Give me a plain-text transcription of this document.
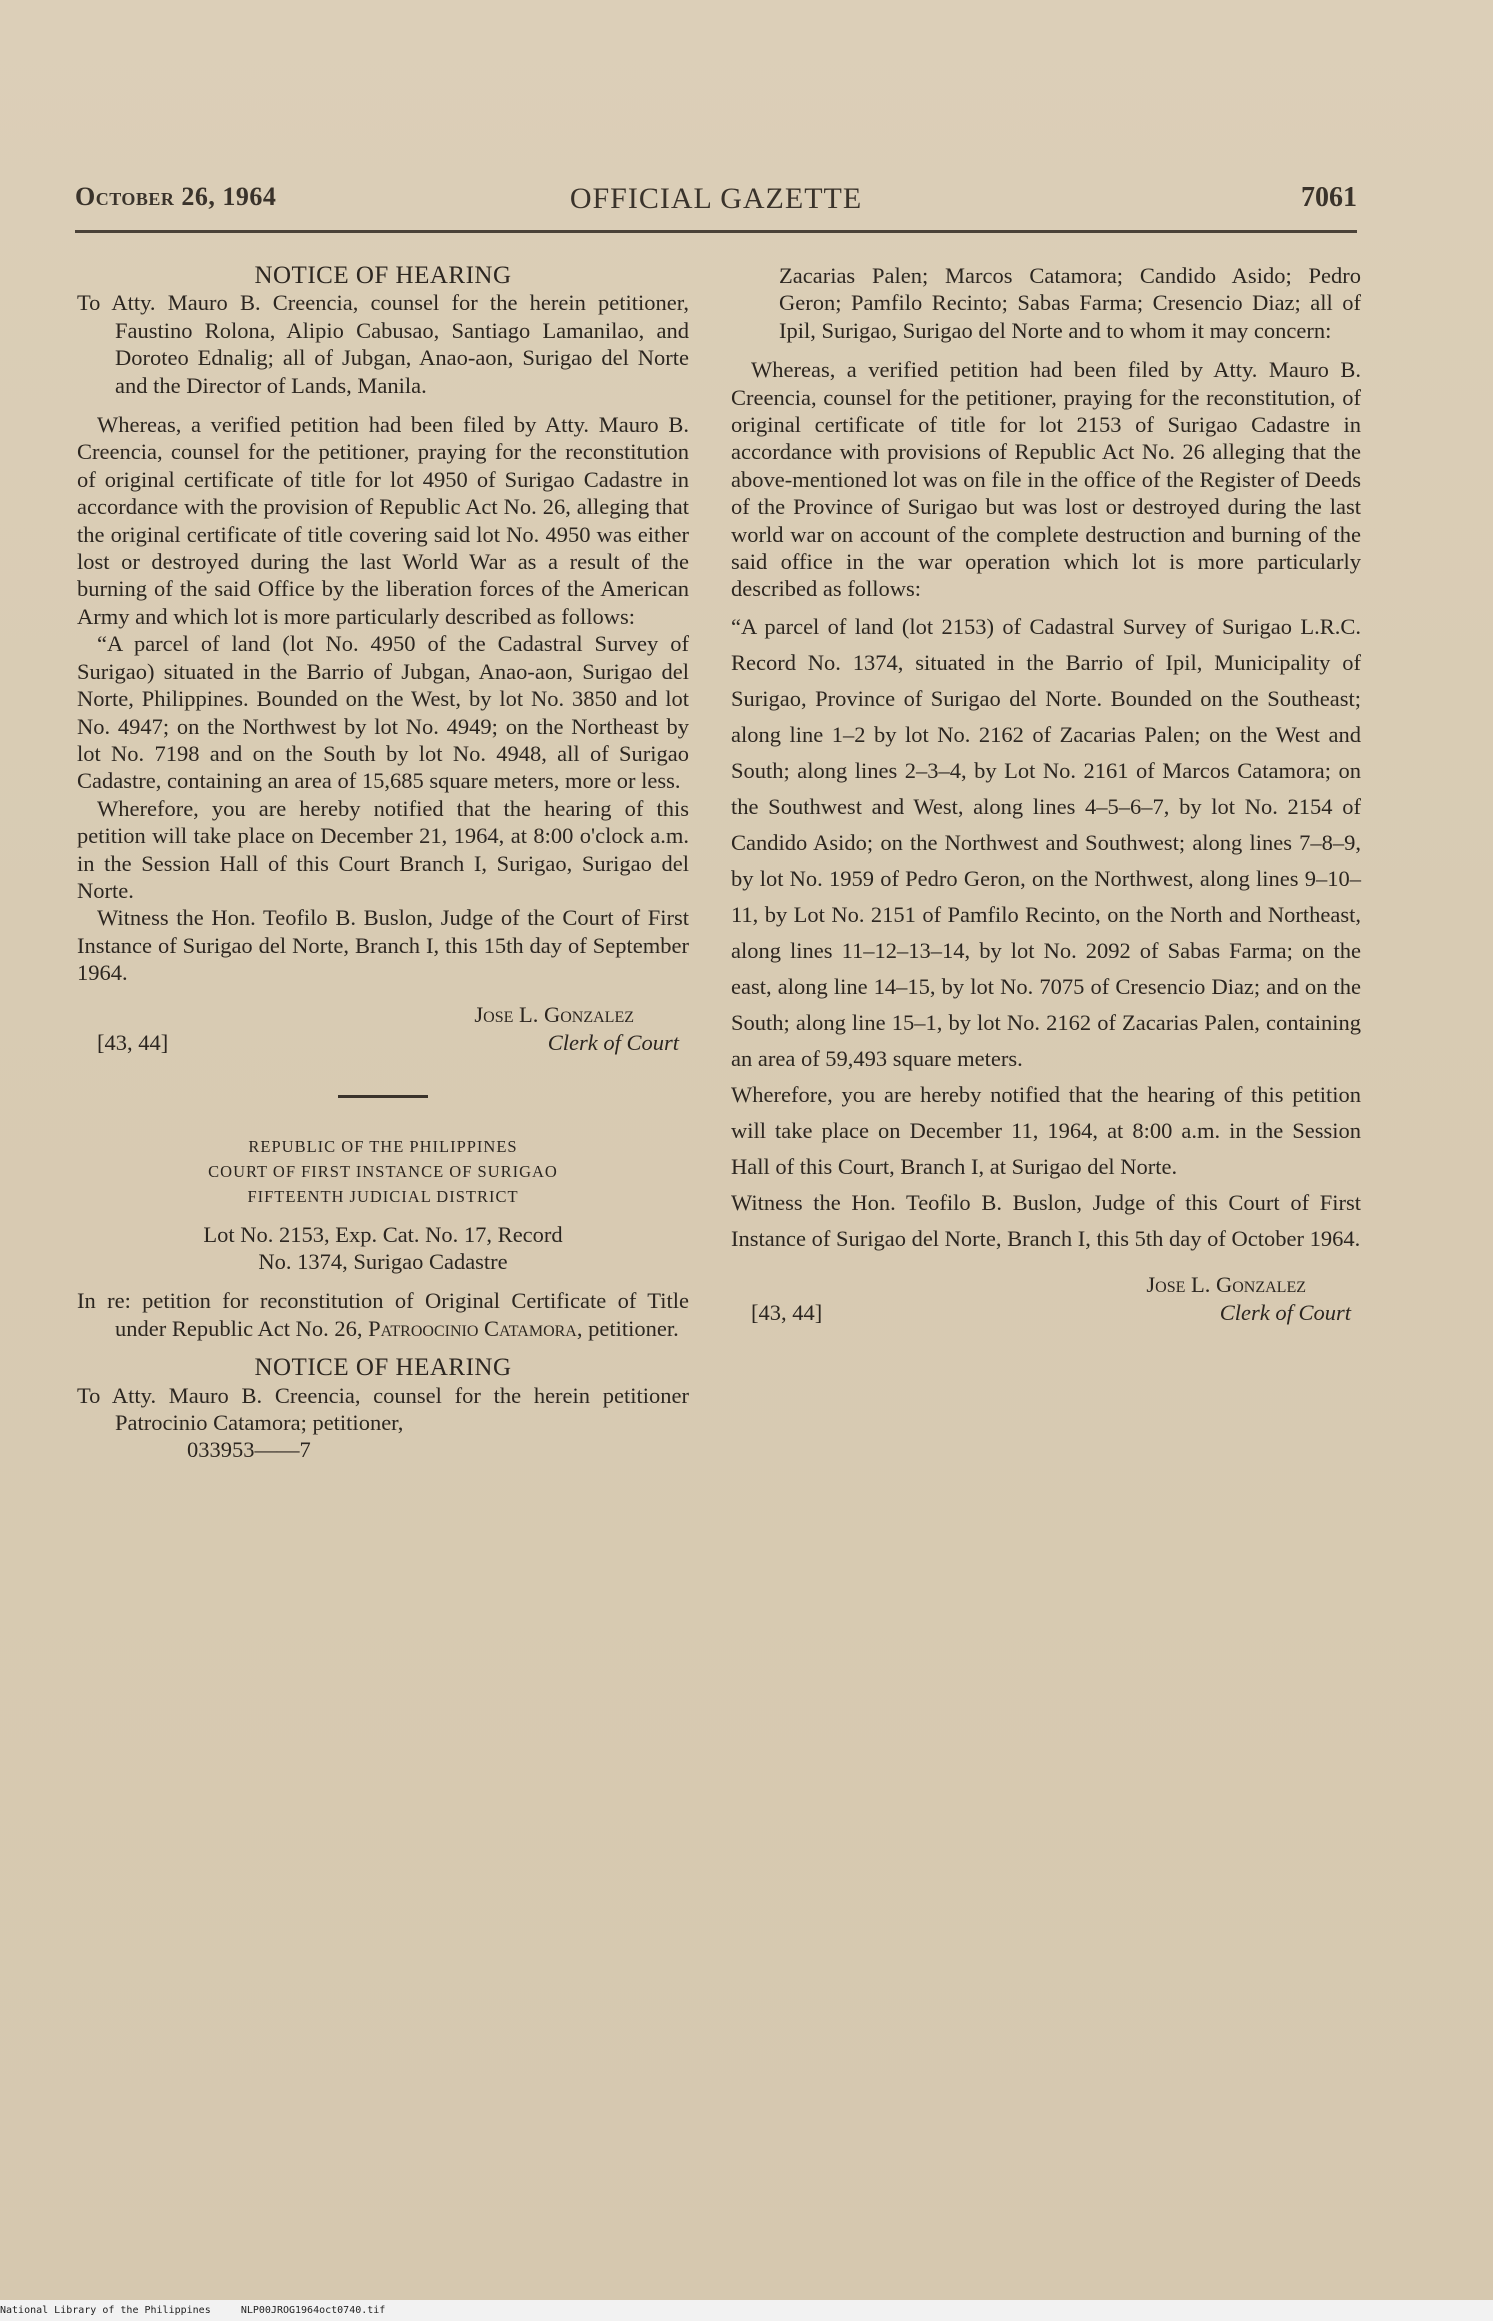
October 26, 1964	OFFICIAL GAZETTE	7061

NOTICE OF HEARING

To Atty. Mauro B. Creencia, counsel for the herein petitioner, Faustino Rolona, Alipio Cabusao, Santiago Lamanilao, and Doroteo Ednalig; all of Jubgan, Anao-aon, Surigao del Norte and the Director of Lands, Manila.

Whereas, a verified petition had been filed by Atty. Mauro B. Creencia, counsel for the petitioner, praying for the reconstitution of original certificate of title for lot 4950 of Surigao Cadastre in accordance with the provision of Republic Act No. 26, alleging that the original certificate of title covering said lot No. 4950 was either lost or destroyed during the last World War as a result of the burning of the said Office by the liberation forces of the American Army and which lot is more particularly described as follows:

“A parcel of land (lot No. 4950 of the Cadastral Survey of Surigao) situated in the Barrio of Jubgan, Anao-aon, Surigao del Norte, Philippines. Bounded on the West, by lot No. 3850 and lot No. 4947; on the Northwest by lot No. 4949; on the Northeast by lot No. 7198 and on the South by lot No. 4948, all of Surigao Cadastre, containing an area of 15,685 square meters, more or less.

Wherefore, you are hereby notified that the hearing of this petition will take place on December 21, 1964, at 8:00 o'clock a.m. in the Session Hall of this Court Branch I, Surigao, Surigao del Norte.

Witness the Hon. Teofilo B. Buslon, Judge of the Court of First Instance of Surigao del Norte, Branch I, this 15th day of September 1964.

Jose L. Gonzalez
Clerk of Court
[43, 44]
REPUBLIC OF THE PHILIPPINES
COURT OF FIRST INSTANCE OF SURIGAO
FIFTEENTH JUDICIAL DISTRICT
Lot No. 2153, Exp. Cat. No. 17, Record
No. 1374, Surigao Cadastre

In re: petition for reconstitution of Original Certificate of Title under Republic Act No. 26, Patroocinio Catamora, petitioner.

NOTICE OF HEARING

To Atty. Mauro B. Creencia, counsel for the herein petitioner Patrocinio Catamora; petitioner,

033953——7

Zacarias Palen; Marcos Catamora; Candido Asido; Pedro Geron; Pamfilo Recinto; Sabas Farma; Cresencio Diaz; all of Ipil, Surigao, Surigao del Norte and to whom it may concern:

Whereas, a verified petition had been filed by Atty. Mauro B. Creencia, counsel for the petitioner, praying for the reconstitution, of original certificate of title for lot 2153 of Surigao Cadastre in accordance with provisions of Republic Act No. 26 alleging that the above-mentioned lot was on file in the office of the Register of Deeds of the Province of Surigao but was lost or destroyed during the last world war on account of the complete destruction and burning of the said office in the war operation which lot is more particularly described as follows:

“A parcel of land (lot 2153) of Cadastral Survey of Surigao L.R.C. Record No. 1374, situated in the Barrio of Ipil, Municipality of Surigao, Province of Surigao del Norte. Bounded on the Southeast; along line 1–2 by lot No. 2162 of Zacarias Palen; on the West and South; along lines 2–3–4, by Lot No. 2161 of Marcos Catamora; on the Southwest and West, along lines 4–5–6–7, by lot No. 2154 of Candido Asido; on the Northwest and Southwest; along lines 7–8–9, by lot No. 1959 of Pedro Geron, on the Northwest, along lines 9–10–11, by Lot No. 2151 of Pamfilo Recinto, on the North and Northeast, along lines 11–12–13–14, by lot No. 2092 of Sabas Farma; on the east, along line 14–15, by lot No. 7075 of Cresencio Diaz; and on the South; along line 15–1, by lot No. 2162 of Zacarias Palen, containing an area of 59,493 square meters.

Wherefore, you are hereby notified that the hearing of this petition will take place on December 11, 1964, at 8:00 a.m. in the Session Hall of this Court, Branch I, at Surigao del Norte.

Witness the Hon. Teofilo B. Buslon, Judge of this Court of First Instance of Surigao del Norte, Branch I, this 5th day of October 1964.

Jose L. Gonzalez
Clerk of Court
[43, 44]
National Library of the Philippines     NLP00JROG1964oct0740.tif
